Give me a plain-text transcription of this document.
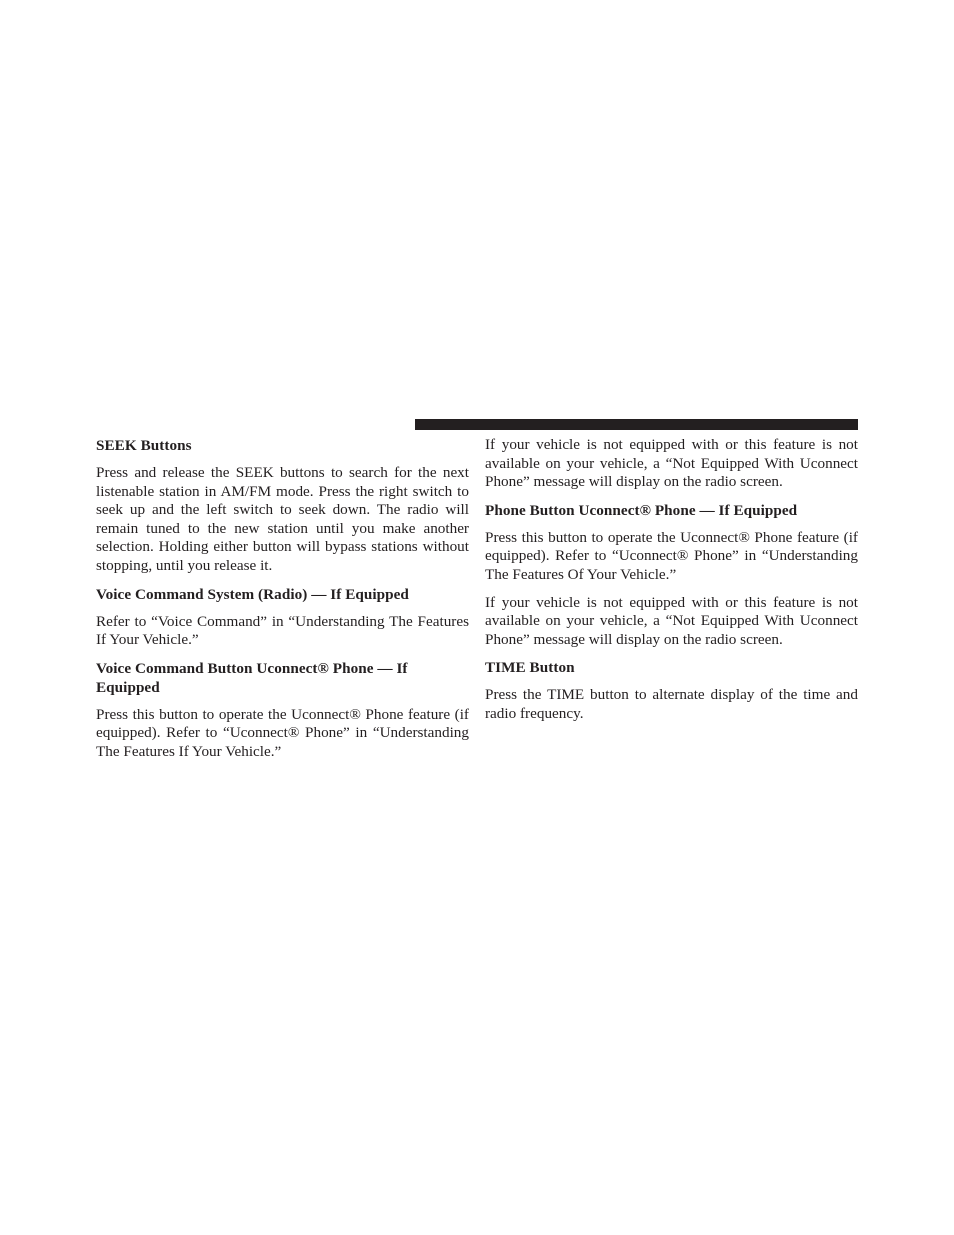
SEEK Buttons

Press and release the SEEK buttons to search for the next listenable station in AM/FM mode. Press the right switch to seek up and the left switch to seek down. The radio will remain tuned to the new station until you make another selection. Holding either button will bypass stations without stopping, until you release it.

Voice Command System (Radio) — If Equipped

Refer to “Voice Command” in “Understanding The Features If Your Vehicle.”

Voice Command Button Uconnect® Phone — If Equipped

Press this button to operate the Uconnect® Phone feature (if equipped). Refer to “Uconnect® Phone” in “Understanding The Features If Your Vehicle.”

If your vehicle is not equipped with or this feature is not available on your vehicle, a “Not Equipped With Uconnect Phone” message will display on the radio screen.

Phone Button Uconnect® Phone — If Equipped

Press this button to operate the Uconnect® Phone feature (if equipped). Refer to “Uconnect® Phone” in “Understanding The Features Of Your Vehicle.”

If your vehicle is not equipped with or this feature is not available on your vehicle, a “Not Equipped With Uconnect Phone” message will display on the radio screen.

TIME Button

Press the TIME button to alternate display of the time and radio frequency.
